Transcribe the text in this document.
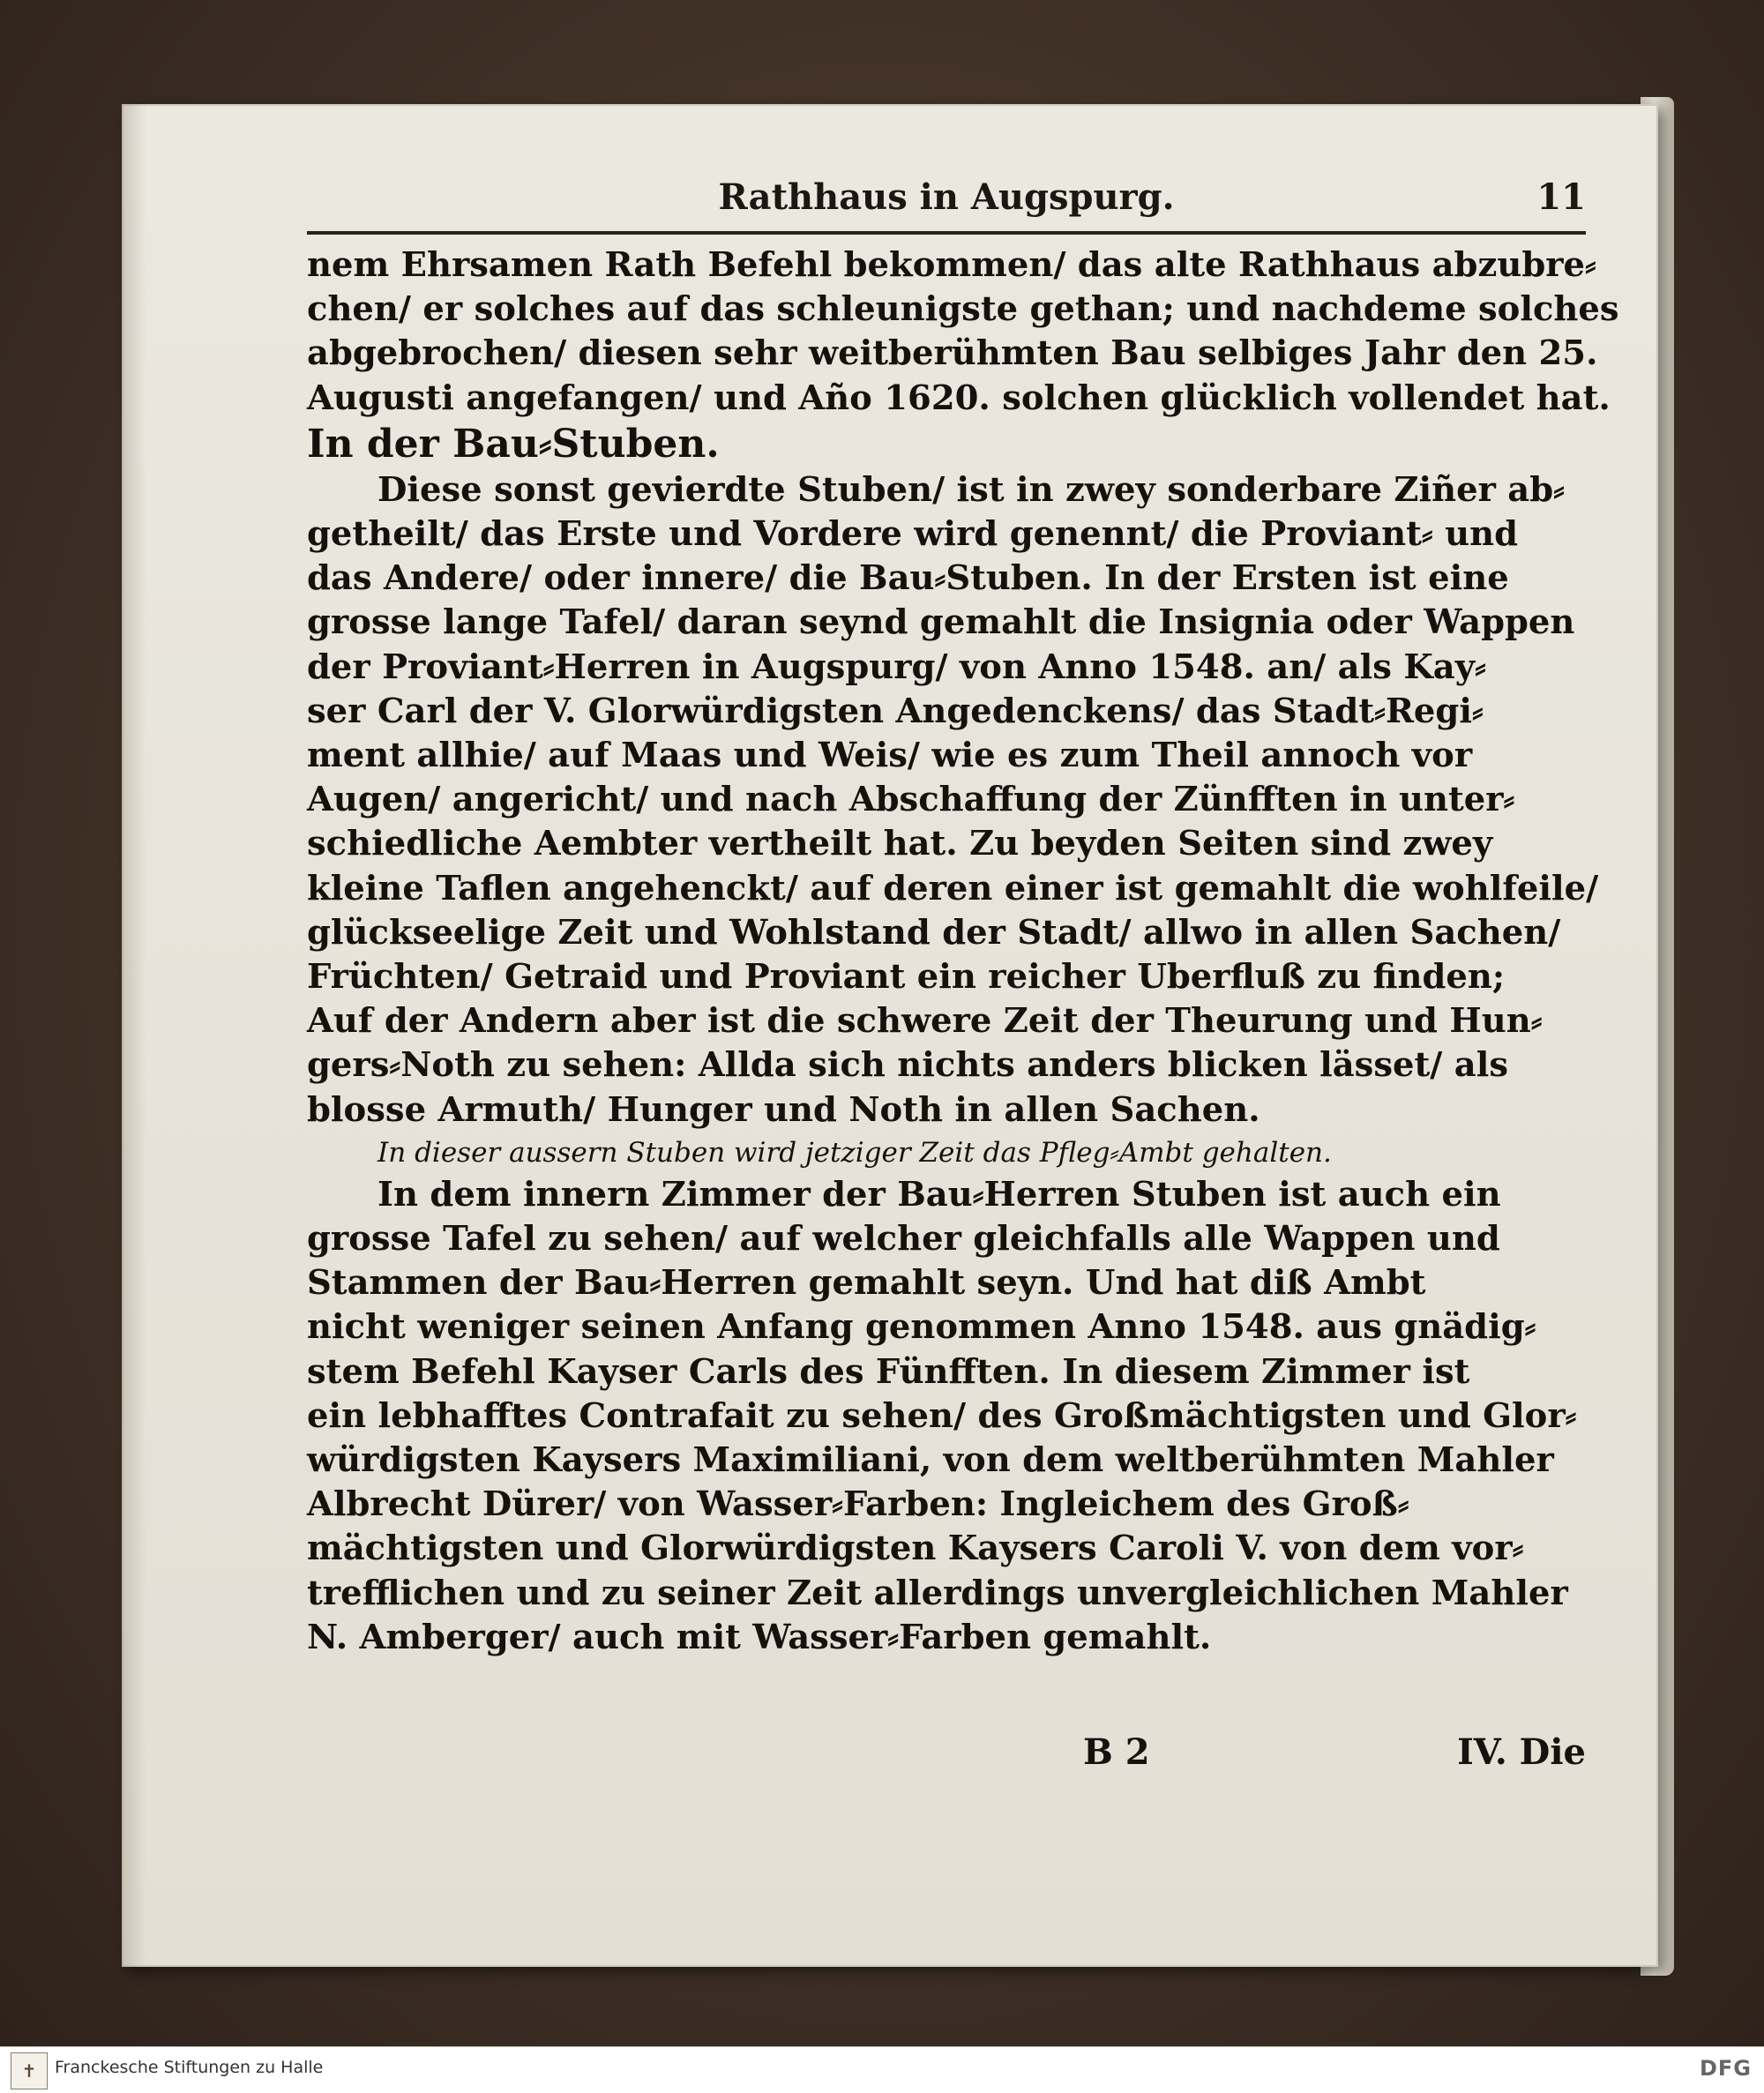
Rathhaus in Augspurg.	11

nem Ehrsamen Rath Befehl bekommen/ das alte Rathhaus abzubre⸗
chen/ er solches auf das schleunigste gethan; und nachdeme solches
abgebrochen/ diesen sehr weitberühmten Bau selbiges Jahr den 25.
Augusti angefangen/ und Año 1620. solchen glücklich vollendet hat.

In der Bau⸗Stuben.

Diese sonst gevierdte Stuben/ ist in zwey sonderbare Ziñer ab⸗
getheilt/ das Erste und Vordere wird genennt/ die Proviant⸗ und
das Andere/ oder innere/ die Bau⸗Stuben. In der Ersten ist eine
grosse lange Tafel/ daran seynd gemahlt die Insignia oder Wappen
der Proviant⸗Herren in Augspurg/ von Anno 1548. an/ als Kay⸗
ser Carl der V. Glorwürdigsten Angedenckens/ das Stadt⸗Regi⸗
ment allhie/ auf Maas und Weis/ wie es zum Theil annoch vor
Augen/ angericht/ und nach Abschaffung der Zünfften in unter⸗
schiedliche Aembter vertheilt hat. Zu beyden Seiten sind zwey
kleine Taflen angehenckt/ auf deren einer ist gemahlt die wohlfeile/
glückseelige Zeit und Wohlstand der Stadt/ allwo in allen Sachen/
Früchten/ Getraid und Proviant ein reicher Uberfluß zu finden;
Auf der Andern aber ist die schwere Zeit der Theurung und Hun⸗
gers⸗Noth zu sehen: Allda sich nichts anders blicken lässet/ als
blosse Armuth/ Hunger und Noth in allen Sachen.

In dieser aussern Stuben wird jetziger Zeit das Pfleg⸗Ambt gehalten.

In dem innern Zimmer der Bau⸗Herren Stuben ist auch ein
grosse Tafel zu sehen/ auf welcher gleichfalls alle Wappen und
Stammen der Bau⸗Herren gemahlt seyn. Und hat diß Ambt
nicht weniger seinen Anfang genommen Anno 1548. aus gnädig⸗
stem Befehl Kayser Carls des Fünfften. In diesem Zimmer ist
ein lebhafftes Contrafait zu sehen/ des Großmächtigsten und Glor⸗
würdigsten Kaysers Maximiliani, von dem weltberühmten Mahler
Albrecht Dürer/ von Wasser⸗Farben: Ingleichem des Groß⸗
mächtigsten und Glorwürdigsten Kaysers Caroli V. von dem vor⸗
trefflichen und zu seiner Zeit allerdings unvergleichlichen Mahler
N. Amberger/ auch mit Wasser⸗Farben gemahlt.

B 2	IV. Die
✝	Franckesche Stiftungen zu Halle	DFG
